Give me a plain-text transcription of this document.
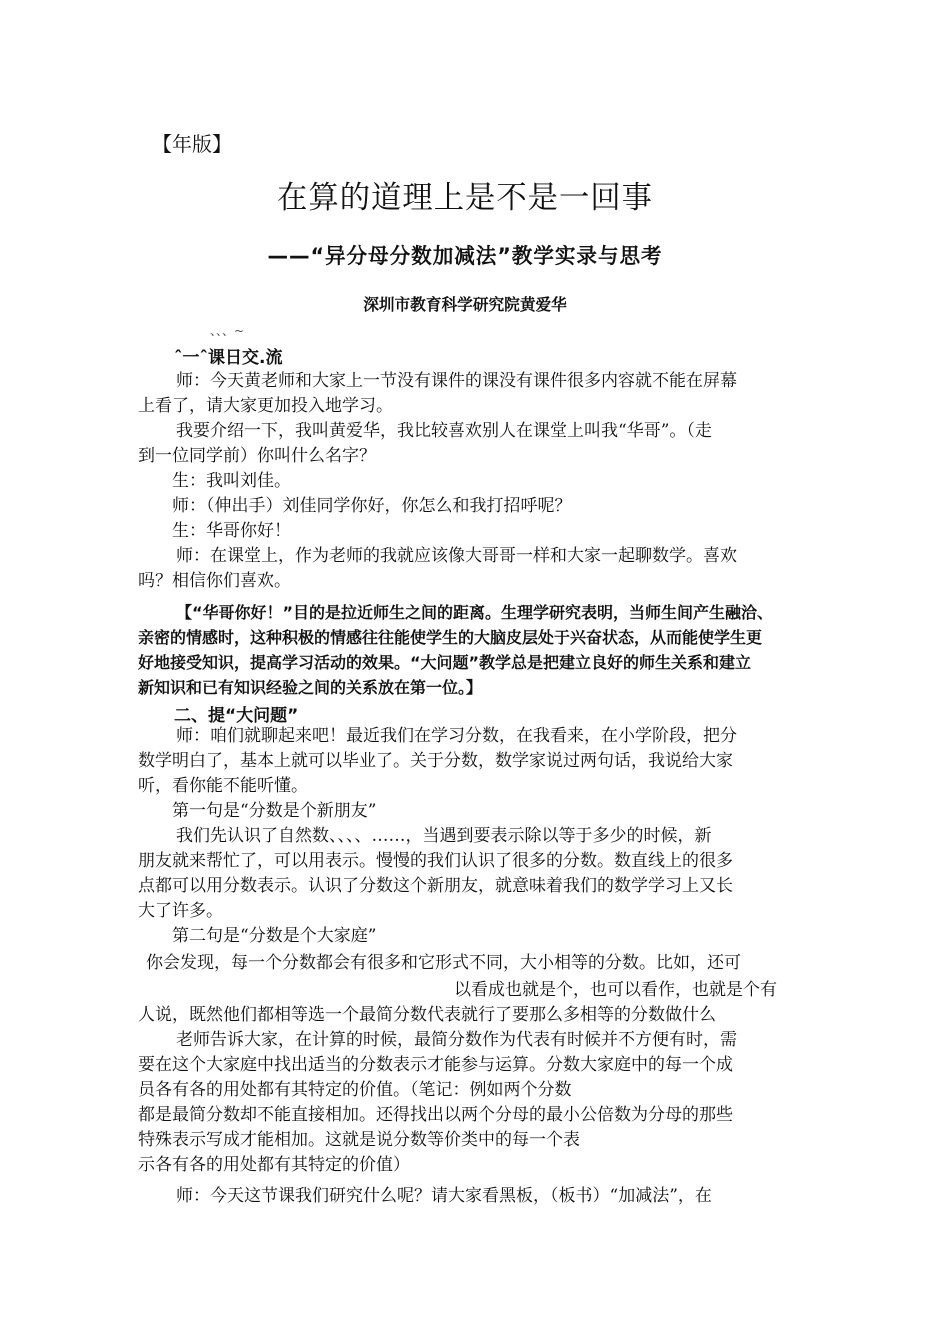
【年版】
在算的道理上是不是一回事
——“异分母分数加减法”教学实录与思考
深圳市教育科学研究院黄爱华
、、、~
ˆ一ˆ课日交.流
师：今天黄老师和大家上一节没有课件的课没有课件很多内容就不能在屏幕
上看了，请大家更加投入地学习。
我要介绍一下，我叫黄爱华，我比较喜欢别人在课堂上叫我“华哥”。（走
到一位同学前）你叫什么名字？
生：我叫刘佳。
师：（伸出手）刘佳同学你好，你怎么和我打招呼呢？
生：华哥你好！
师：在课堂上，作为老师的我就应该像大哥哥一样和大家一起聊数学。喜欢
吗？相信你们喜欢。
【“华哥你好！”目的是拉近师生之间的距离。生理学研究表明，当师生间产生融洽、
亲密的情感时，这种积极的情感往往能使学生的大脑皮层处于兴奋状态，从而能使学生更
好地接受知识，提高学习活动的效果。“大问题”教学总是把建立良好的师生关系和建立
新知识和已有知识经验之间的关系放在第一位。】
二、提“大问题”
师：咱们就聊起来吧！最近我们在学习分数，在我看来，在小学阶段，把分
数学明白了，基本上就可以毕业了。关于分数，数学家说过两句话，我说给大家
听，看你能不能听懂。
第一句是“分数是个新朋友”
我们先认识了自然数、、、、……，当遇到要表示除以等于多少的时候，新
朋友就来帮忙了，可以用表示。慢慢的我们认识了很多的分数。数直线上的很多
点都可以用分数表示。认识了分数这个新朋友，就意味着我们的数学学习上又长
大了许多。
第二句是“分数是个大家庭”
你会发现，每一个分数都会有很多和它形式不同，大小相等的分数。比如，还可
以看成也就是个，也可以看作，也就是个有
人说，既然他们都相等选一个最简分数代表就行了要那么多相等的分数做什么
老师告诉大家，在计算的时候，最简分数作为代表有时候并不方便有时，需
要在这个大家庭中找出适当的分数表示才能参与运算。分数大家庭中的每一个成
员各有各的用处都有其特定的价值。（笔记：例如两个分数
都是最简分数却不能直接相加。还得找出以两个分母的最小公倍数为分母的那些
特殊表示写成才能相加。这就是说分数等价类中的每一个表
示各有各的用处都有其特定的价值）
师：今天这节课我们研究什么呢？请大家看黑板，（板书）“加减法”，在
